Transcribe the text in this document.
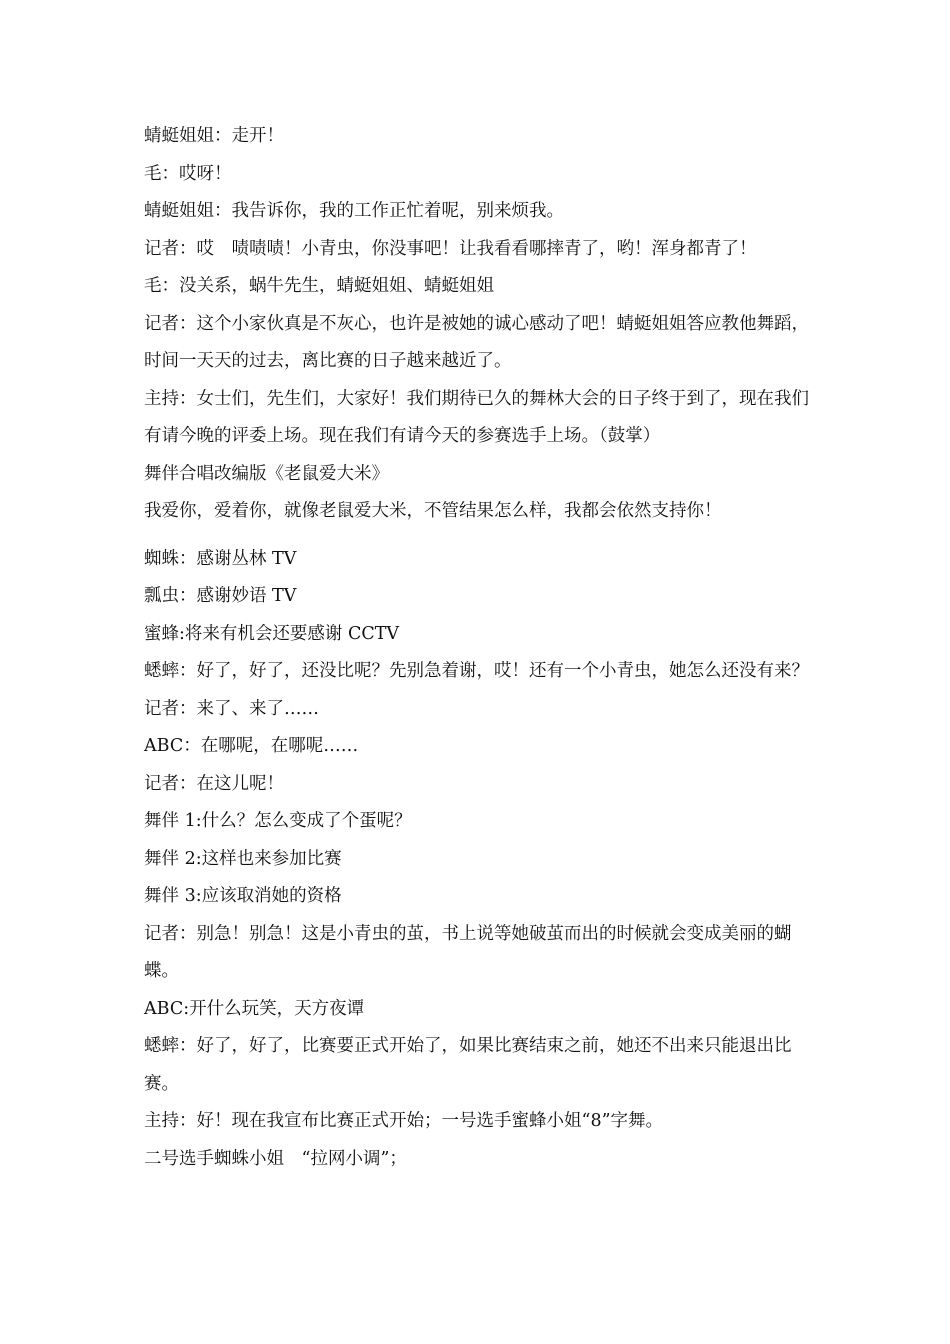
蜻蜓姐姐：走开！

毛：哎呀！

蜻蜓姐姐：我告诉你，我的工作正忙着呢，别来烦我。

记者：哎　啧啧啧！小青虫，你没事吧！让我看看哪摔青了，哟！浑身都青了！

毛：没关系，蜗牛先生，蜻蜓姐姐、蜻蜓姐姐

记者：这个小家伙真是不灰心，也许是被她的诚心感动了吧！蜻蜓姐姐答应教他舞蹈，时间一天天的过去，离比赛的日子越来越近了。

主持：女士们，先生们，大家好！我们期待已久的舞林大会的日子终于到了，现在我们有请今晚的评委上场。现在我们有请今天的参赛选手上场。（鼓掌）

舞伴合唱改编版《老鼠爱大米》

我爱你，爱着你，就像老鼠爱大米，不管结果怎么样，我都会依然支持你！

蜘蛛：感谢丛林 TV

瓢虫：感谢妙语 TV

蜜蜂:将来有机会还要感谢 CCTV

蟋蟀：好了，好了，还没比呢？先别急着谢，哎！还有一个小青虫，她怎么还没有来？

记者：来了、来了……

ABC：在哪呢，在哪呢……

记者：在这儿呢！

舞伴 1:什么？怎么变成了个蛋呢？

舞伴 2:这样也来参加比赛

舞伴 3:应该取消她的资格

记者：别急！别急！这是小青虫的茧，书上说等她破茧而出的时候就会变成美丽的蝴蝶。

ABC:开什么玩笑，天方夜谭

蟋蟀：好了，好了，比赛要正式开始了，如果比赛结束之前，她还不出来只能退出比赛。

主持：好！现在我宣布比赛正式开始；一号选手蜜蜂小姐“8”字舞。

二号选手蜘蛛小姐　“拉网小调”；
